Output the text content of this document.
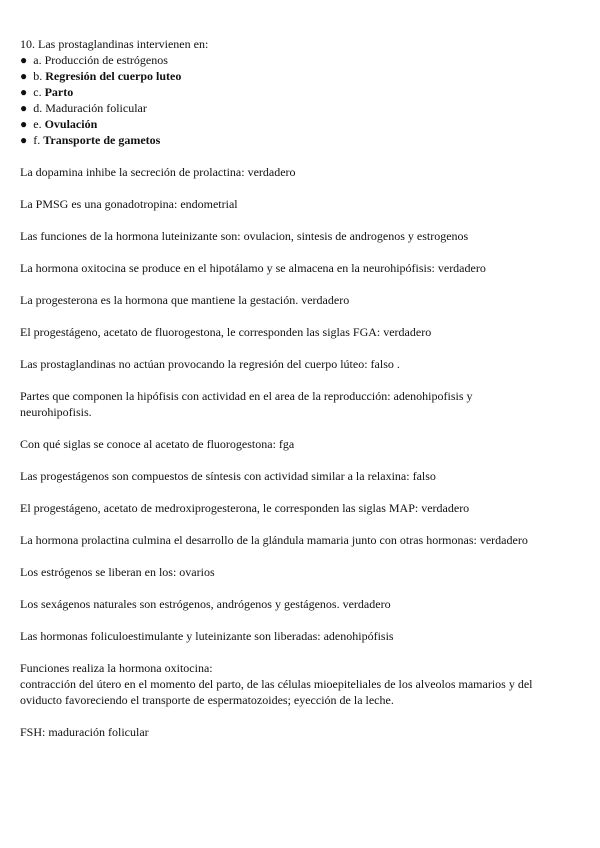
10. Las prostaglandinas intervienen en:

● a. Producción de estrógenos

● b. Regresión del cuerpo luteo

● c. Parto

● d. Maduración folicular

● e. Ovulación

● f. Transporte de gametos

La dopamina inhibe la secreción de prolactina: verdadero

La PMSG es una gonadotropina: endometrial

Las funciones de la hormona luteinizante son: ovulacion, sintesis de androgenos y estrogenos

La hormona oxitocina se produce en el hipotálamo y se almacena en la neurohipófisis: verdadero

La progesterona es la hormona que mantiene la gestación. verdadero

El progestágeno, acetato de fluorogestona, le corresponden las siglas FGA: verdadero

Las prostaglandinas no actúan provocando la regresión del cuerpo lúteo: falso .

Partes que componen la hipófisis con actividad en el area de la reproducción: adenohipofisis y neurohipofisis.

Con qué siglas se conoce al acetato de fluorogestona: fga

Las progestágenos son compuestos de síntesis con actividad similar a la relaxina: falso

El progestágeno, acetato de medroxiprogesterona, le corresponden las siglas MAP: verdadero

La hormona prolactina culmina el desarrollo de la glándula mamaria junto con otras hormonas: verdadero

Los estrógenos se liberan en los: ovarios

Los sexágenos naturales son estrógenos, andrógenos y gestágenos. verdadero

Las hormonas foliculoestimulante y luteinizante son liberadas: adenohipófisis

Funciones realiza la hormona oxitocina:

contracción del útero en el momento del parto, de las células mioepiteliales de los alveolos mamarios y del oviducto favoreciendo el transporte de espermatozoides; eyección de la leche.

FSH: maduración folicular
